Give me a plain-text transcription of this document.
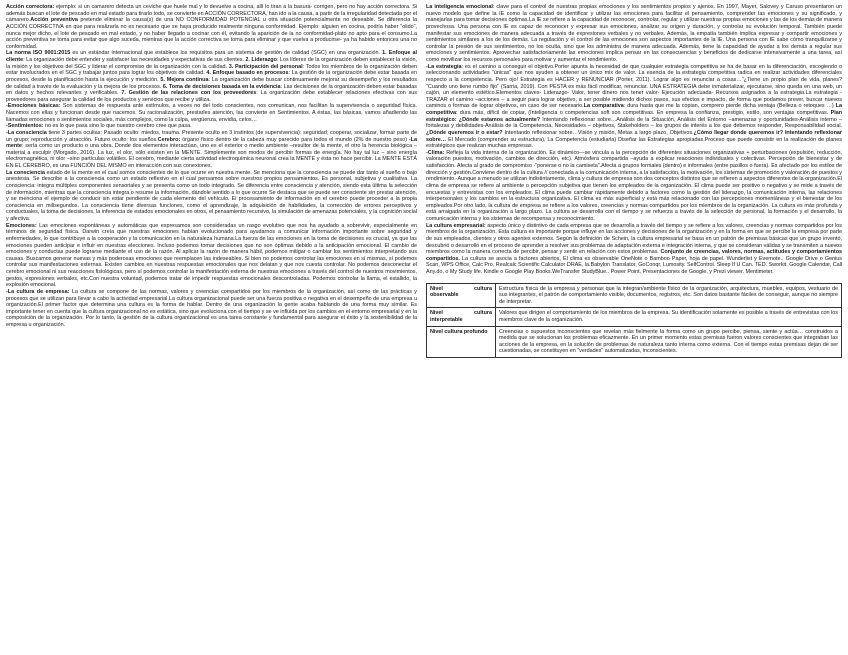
Acción correctora: ejemplo: si un camarero detecta un ceviche que huele mal y lo devuelve a cocina, allí lo tiran a la basura- corrigen, pero no hay acción correctora. Si además buscan el lote de pescado en mal estado para tirarlo todo, se convierte en ACCIÓN CORRECTORA, han ido a la causa, a partir de la irregularidad detectada por el camarero.Acción preventiva pretende eliminar la causa(s) de una NO CONFORMIDAD POTENCIAL u otra situación potencialmente no deseable. Se diferencia la ACCIÓN CORRECTIVA en que para realizarla no es necesario que se haya producido realmente ninguna conformidad. Ejemplo: alguien en cocina, podría haber "olido", nunca mejor dicho, el lote de pescado en mal estado, y no haber llegado a cocinar con él, evitando la aparición de la no conformidad-plato no apto para el consumo.La acción preventiva se toma para evitar que algo suceda, mientras que la acción correctiva se toma para eliminar y que vuelva a producirse- ya ha habido entonces una no conformidad.

La norma ISO 9001:2015 es un estándar internacional que establece los requisitos para un sistema de gestión de calidad (SGC) en una organización. 1. Enfoque al cliente: La organización debe entender y satisfacer las necesidades y expectativas de sus clientes. 2. Liderazgo: Los líderes de la organización deben establecer la visión, la misión y los objetivos del SGC y liderar el compromiso de la organización con la calidad. 3. Participación del personal: Todos los miembros de la organización deben estar involucrados en el SGC y trabajar juntos para lograr los objetivos de calidad. 4. Enfoque basado en procesos: La gestión de la organización debe estar basada en procesos, desde la planificación hasta la ejecución y medición. 5. Mejora continua: La organización debe buscar continuamente mejorar su desempeño y los resultados de calidad a través de la evaluación y la mejora de los procesos. 6. Toma de decisiones basada en la evidencia: Las decisiones de la organización deben estar basadas en datos y hechos relevantes y verificables. 7. Gestión de las relaciones con los proveedores: La organización debe establecer relaciones efectivas con sus proveedores para asegurar la calidad de los productos y servicios que recibe y utiliza.

-Emociones básicas: Son sistemas de respuesta ante estímulos, a veces no del todo conscientes, nos comunican, nos facilitan la supervivencia o seguridad física. Nacemos con ellas y funcionan desde que nacemos. Su racionalización, prestarles atención, las convierte en Sentimientos. A éstas, las básicas, vamos añadiendo las llamadas emociones o sentimientos sociales, más complejos, como la culpa, vergüenza, envidia, celos…

-Sentimientos: no es lo que pasa sino lo que nuestro cerebro cree que pasa.

-La consciencia tiene 3 partes ocultas: Pasado oculto: miedos, trauma. Presente oculto en 3 instintos (de supervivencia): seguridad; cooperar, socializar, formar parte de un grupo; reproducción y atracción. Futuro oculto: los sueños.Cerebro: órgano físico dentro de la cabeza muy parecido para todos el mundo (2% de nuestro peso) -La mente: sería como un producto o una obra. Donde dos elementos interactúan, uno es el exterior o medio ambiente –resultor de la mente, el otro la herencia biológica –material a esculpir (Morgado, 2016). La luz, el olor, sólo existen en la MENTE. Simplemente son modos de percibir formas de energía. No hay tal luz – sino energía electromagnética, ni olor –sino partículas volátiles. El cerebro, mediante cierta actividad electroquímica neuronal crea la MENTE y ésta no hace percibir. La MENTE ESTÁ EN EL CEREBRO, es una FUNCIÓN DEL MISMO en interacción con sus conexiones.

La consciencia estado de la mente en el cual somos conscientes de lo que ocurre en nuestra mente. Se menciona que la consciencia se puede dar tanto al sueño o bajo anestesia. Se describe a la consciencia como un estado reflexivo en el cual pensamos sobre nuestros propios pensamientos. Es personal, subjetiva y cualitativa. La consciencia: integra múltiples componentes sensoriales y se presenta como un todo integrado. Se diferencia entre consciencia y atención, siendo esta última la selección de información, mientras que la consciencia integra o resume la información, dándole sentido a lo que ocurre Se destaca que se puede ser consciente sin prestar atención, y se menciona el ejemplo de conducir sin estar pendiente de cada elemento del vehículo. El procesamiento de información en el cerebro puede proceder a la propia consciencia en milisegundos. La consciencia tiene diversas funciones, como el aprendizaje, la adquisición de habilidades, la corrección de errores perceptivos y conductuales, la toma de decisiones, la inferencia de estados emocionales en otros, el pensamiento recursivo, la simulación de amenazas potenciales, y la cognición social y afectiva.

Emociones: Las emociones espontáneas y automáticas que expresamos son consideradas un rasgo evolutivo que nos ha ayudado a sobrevivir, especialmente en términos de seguridad física. Darwin creía que nuestras emociones habían evolucionado para ayudarnos a comunicar información importante sobre seguridad y enfermedades, lo que contribuye a la cooperación y la comunicación en la naturaleza humana.La fuerza de las emociones en la toma de decisiones es crucial, ya que las emociones pueden anticipar e influir en nuestras elecciones. Incluso podemos tomar decisiones que no son óptimas debido a la anticipación emocional. El cambio de emociones y conductas puede lograrse mediante el uso de la razón. Al aplicar la razón de manera hábil, podemos mitigar o cambiar los sentimientos interpretando sus causas. Buscamos generar nuevas y más poderosas emociones que reemplacen las indeseables. Si bien no podemos controlar las emociones en sí mismas, sí podemos controlar sus manifestaciones externas. Existen cambios en nuestras respuestas emocionales que nos delatan y que nos cuesta controlar. No podemos desconectar el cerebro emocional ni sus reacciones fisiológicas, pero sí podemos controlar la manifestación externa de nuestras emociones a través del control de nuestros movimientos, gestos, expresiones verbales, etc.Con nuestra voluntad, podemos tratar de impedir respuestas emocionales descontroladas. Podemos controlar la llama, el estallido, la explosión emocional.

-La cultura de empresa: La cultura se compone de las normas, valores y creencias compartidos por los miembros de la organización, así como de las prácticas y procesos que se utilizan para llevar a cabo la actividad empresarial.La cultura organizacional puede ser una fuerza positiva o negativa en el desempeño de una empresa u organización.El primer factor que determina una cultura es la forma de hablar. Dentro de una organización la gente acaba hablando de una forma muy similar. Es importante tener en cuenta que la cultura organizacional no es estática, sino que evoluciona con el tiempo y se ve influida por los cambios en el entorno empresarial y en la composición de la organización. Por lo tanto, la gestión de la cultura organizacional es una tarea constante y fundamental para asegurar el éxito y la sostenibilidad de la empresa u organización.

La inteligencia emocional: clave para el control de nuestras propias emociones y los sentimientos propios y ajenos. En 1997, Mayer, Salovey y Caruso presentaron un nuevo modelo que define la IE como la capacidad de identificar y utilizar las emociones para facilitar el pensamiento, comprender las emociones y su significado, y manejarlas para tomar decisiones óptimas.La IE se refiere a la capacidad de reconocer, controlar, regular y utilizar nuestras propias emociones y las de los demás de manera provechosa. Una persona con IE es capaz de reconocer y expresar sus emociones, analizar su origen y duración, y controlar su evolución temporal. También puede manifestar sus emociones de manera adecuada a través de expresiones verbales y no verbales. Además, la empatía también implica expresar y compartir emociones y sentimientos similares a los de los demás. La regulación y el control de las emociones son aspectos importantes de la IE. Una persona con IE sabe cómo tranquilizarse y controlar la presión de sus sentimientos, no los oculta, sino que los administra de manera adecuada. Además, tiene la capacidad de ayudar a los demás a regular sus emociones y sentimientos. Aprovechar satisfactoriamente las emociones implica pensar en las consecuencias y beneficios de dedicarse intensivamente a una tarea, así como movilizar los recursos personales para motivar y aumentar el rendimiento.

-La estrategia: es el camino a conseguir el objetivo.Porter apunta la necesidad de que cualquier estrategia competitiva se ha de basar en la diferenciación, escogiendo o seleccionando actividades "únicas" que nos ayuden a obtener un único mix de valor. La esencia de la estrategia competitiva radica en realizar actividades diferenciales respecto a la competencia. Pero ojo! Estrategia es HACER y RENUNCIAR (Porter, 2011). Lograr algo es renunciar a cosas…"¿Tiene un propio plan de vida, planes? "Cuando uno tiene rumbo fijo" (Sarria, 2019). Con PESTA es más fácil modificar, renunciar. UNA ESTRATEGIA debe inmaterializar, ejecutarse, sino queda en una web, un cajón, un elemento estético.Elementos claves- Liderazgo- Valor, tener dinero nos tener valor- Ejecución adecuada- Recursos asignados a la estrategia.La estrategia - TRAZAR el camino –acciones – a seguir para lograr objetivo, a ser posible midiendo dichos pasos, sus efectos e impacto, de forma que podamos prever, buscar nuevos caminos o formas de lograr objetivos, en caso de ser necesario.La comparativa: dura hasta que me la copian, comprero pierde dicha ventaja (Belleza o retoques …) La competitiva: dura más, difícil de copiar, (Inteligencia o competencias soft son competitivas. En empresa la confianza, prestigio, estilo, son ventajas competitivas. Plan estratégico: ¿Dónde estamos actualmente? Intentando reflexionar sobre…Análisis de la Situación, Análisis del Entorno –amenazas y oportunidades-Análisis interno –fortalezas y debilidades-Análisis de la Competencia, Necesidades – objetivos, Stakeholders – los grupos de interés a los que debemos responder, Responsabilidad social.¿Dónde queremos ir o estar? Intentando reflexionar sobre…Visión y misión, Metas a largo plazo, Objetivos.¿Cómo llegar donde queremos ir? Intentando reflexionar sobre… El Mercado (comprender su estructura), La Competencia (estudiarla) Diseñar las Estrategias apropiadas.Proceso que puede consistir en la realización de planes estratégicos que realizan muchas empresas.

-Clima: Refleja la vida interna de la organización. Es dinámico—se vincula a la percepción de diferentes situaciones organizativas + perturbaciones (expulsión, reducción, valoración puestos, motivación, cambios de dirección, etc). Atmósfera compartida –ayuda a explicar reacciones individuales y colectivas. Percepción de bienestar y de satisfacción. Afecta al grado de compromiso -"ponerse o no la camiseta".Afecta a grupos formales (dentro) e informales (entre pasillos o fuera). Es afectado por los estilos de dirección y gestión.Conviene dentro de la cultura // conectada a la comunicación interna, a la satisfacción, la motivación, los sistemas de promoción y valoración de puestos y rendimiento.-Aunque a menudo se utilizan indistintamente, clima y cultura de empresa son dos conceptos distintos que se refieren a aspectos diferentes de la organización.El clima de empresa se refiere al ambiente o percepción subjetiva que tienen los empleados de la organización. El clima puede ser positivo o negativo y se mide a través de encuestas y entrevistas con los empleados. El clima puede cambiar rápidamente debido a factores como la gestión del liderazgo, la comunicación interna, las relaciones interpersonales y los cambios en la estructura organizativa. El clima es más superficial y está más relacionado con las percepciones momentáneas y el bienestar de los empleados.Por otro lado, la cultura de empresa se refiere a los valores, creencias y normas compartidos por los miembros de la organización. La cultura es más profunda y está arraigada en la organización a largo plazo. La cultura se desarrolla con el tiempo y se refuerza a través de la selección de personal, la formación y el desarrollo, la comunicación interna y los sistemas de recompensa y reconocimiento.

La cultura empresarial: aspecto único y distintivo de cada empresa que se desarrolla a través del tiempo y se refiere a los valores, creencias y normas compartidos por los miembros de la organización. Esta cultura es importante porque influye en las acciones y decisiones de la organización y en la forma en que se percibe la empresa por parte de sus empleados, clientes y otros agentes externos. Según la definición de Schein, la cultura empresarial se basa en un patrón de premisas básicas que un grupo inventó, descubrió o desarrolló en el proceso de aprender a resolver sus problemas de adaptación externa e integración interna, y que se consideran válidas y se transmiten a nuevos miembros como la manera correcta de percibir, pensar y sentir en relación con estos problemas. Conjunto de creencias, valores, normas, actitudes y comportamientos compartidos. La cultura se asocia a factores abiertos, El clima es observable OneNote o Bamboo Paper, hoja de papel. Wunderlist y Evernote.. Google Drive o Genius Scan, WPS Office, Calc Pro, Realcalc Scientific Calculator DRAE, la.Babylon Translator, GoConqr, Lumosity. SelfControl. Sleep If U Can. TED. Sworkit. Google Calendar, Call Any.do, o My Study life. Kindle o Google Play Books.WeTransfer StudyBlue.. Power Point, Presentaciones de Google, y Prezi viewer. Mentimeter.

Nivel cultura observable	Estructura física de la empresa y personas que la integran/ambiente físico de la organización, arquitectura, muebles, equipos, vestuario de sus integrantes, el patrón de comportamiento visible, documentos, registros, etc. Son datos bastante fáciles de conseguir, aunque no siempre de interpretar.
Nivel cultura interpretable	Valores que dirigen el comportamiento de los miembros de la empresa. Su identificación solamente es posible a través de entrevistas con los miembros clave de la organización.
Nivel cultura profundo	Creencias o supuestos inconscientes que revelan más fielmente la forma como un grupo percibe, piensa, siente y actúa… construidos a medida que se solucionan los problemas eficazmente. En un primer momento estas premisas fueron valores conscientes que integraban las acciones de la empresa, en la solución de problemas de naturaleza tanto interna como externa. Con el tiempo estas premisas dejan de ser cuestionadas, se constituyen en "verdades" automatizadas, inconscientes.
